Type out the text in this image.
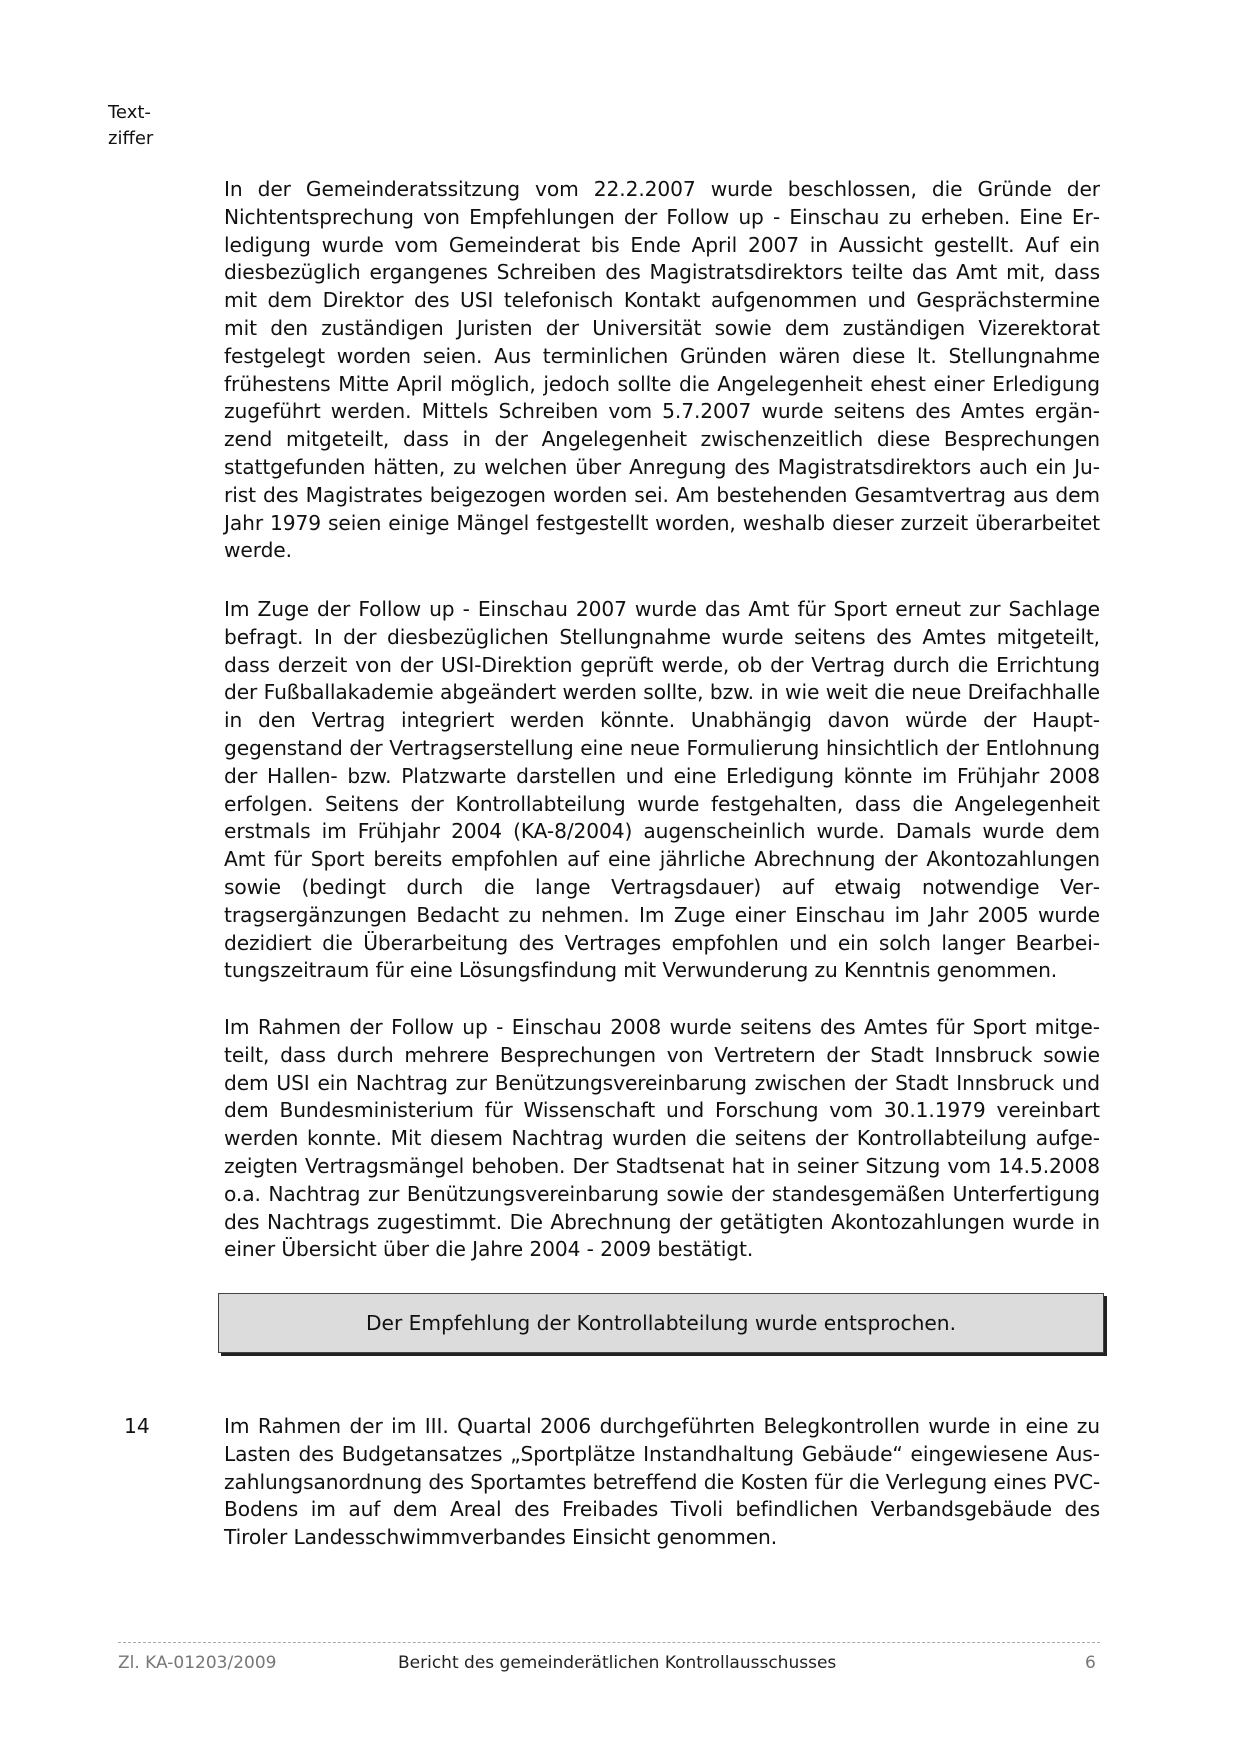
Text-
ziffer

In der Gemeinderatssitzung vom 22.2.2007 wurde beschlossen, die Gründe der Nichtentsprechung von Empfehlungen der Follow up - Einschau zu erheben. Eine Erledigung wurde vom Gemeinderat bis Ende April 2007 in Aussicht gestellt. Auf ein diesbezüglich ergangenes Schreiben des Magistratsdirektors teilte das Amt mit, dass mit dem Direktor des USI telefonisch Kontakt aufgenommen und Gesprächstermine mit den zuständigen Juristen der Universität sowie dem zuständigen Vizerektorat festgelegt worden seien. Aus terminlichen Gründen wären diese lt. Stellungnahme frühestens Mitte April möglich, jedoch sollte die Angelegenheit ehest einer Erledigung zugeführt werden. Mittels Schreiben vom 5.7.2007 wurde seitens des Amtes ergänzend mitgeteilt, dass in der Angelegenheit zwischenzeitlich diese Besprechungen stattgefunden hätten, zu welchen über Anregung des Magistratsdirektors auch ein Jurist des Magistrates beigezogen worden sei. Am bestehenden Gesamtvertrag aus dem Jahr 1979 seien einige Mängel festgestellt worden, weshalb dieser zurzeit überarbeitet werde.

Im Zuge der Follow up - Einschau 2007 wurde das Amt für Sport erneut zur Sachlage befragt. In der diesbezüglichen Stellungnahme wurde seitens des Amtes mitgeteilt, dass derzeit von der USI-Direktion geprüft werde, ob der Vertrag durch die Errichtung der Fußballakademie abgeändert werden sollte, bzw. in wie weit die neue Dreifachhalle in den Vertrag integriert werden könnte. Unabhängig davon würde der Hauptgegenstand der Vertragserstellung eine neue Formulierung hinsichtlich der Entlohnung der Hallen- bzw. Platzwarte darstellen und eine Erledigung könnte im Frühjahr 2008 erfolgen. Seitens der Kontrollabteilung wurde festgehalten, dass die Angelegenheit erstmals im Frühjahr 2004 (KA-8/2004) augenscheinlich wurde. Damals wurde dem Amt für Sport bereits empfohlen auf eine jährliche Abrechnung der Akontozahlungen sowie (bedingt durch die lange Vertragsdauer) auf etwaig notwendige Vertragsergänzungen Bedacht zu nehmen. Im Zuge einer Einschau im Jahr 2005 wurde dezidiert die Überarbeitung des Vertrages empfohlen und ein solch langer Bearbeitungszeitraum für eine Lösungsfindung mit Verwunderung zu Kenntnis genommen.

Im Rahmen der Follow up - Einschau 2008 wurde seitens des Amtes für Sport mitgeteilt, dass durch mehrere Besprechungen von Vertretern der Stadt Innsbruck sowie dem USI ein Nachtrag zur Benützungsvereinbarung zwischen der Stadt Innsbruck und dem Bundesministerium für Wissenschaft und Forschung vom 30.1.1979 vereinbart werden konnte. Mit diesem Nachtrag wurden die seitens der Kontrollabteilung aufgezeigten Vertragsmängel behoben. Der Stadtsenat hat in seiner Sitzung vom 14.5.2008 o.a. Nachtrag zur Benützungsvereinbarung sowie der standesgemäßen Unterfertigung des Nachtrags zugestimmt. Die Abrechnung der getätigten Akontozahlungen wurde in einer Übersicht über die Jahre 2004 - 2009 bestätigt.

Der Empfehlung der Kontrollabteilung wurde entsprochen.
14	Im Rahmen der im III. Quartal 2006 durchgeführten Belegkontrollen wurde in eine zu Lasten des Budgetansatzes „Sportplätze Instandhaltung Gebäude“ eingewiesene Auszahlungsanordnung des Sportamtes betreffend die Kosten für die Verlegung eines PVC-Bodens im auf dem Areal des Freibades Tivoli befindlichen Verbandsgebäude des Tiroler Landesschwimmverbandes Einsicht genommen.

Zl. KA-01203/2009	Bericht des gemeinderätlichen Kontrollausschusses	6
